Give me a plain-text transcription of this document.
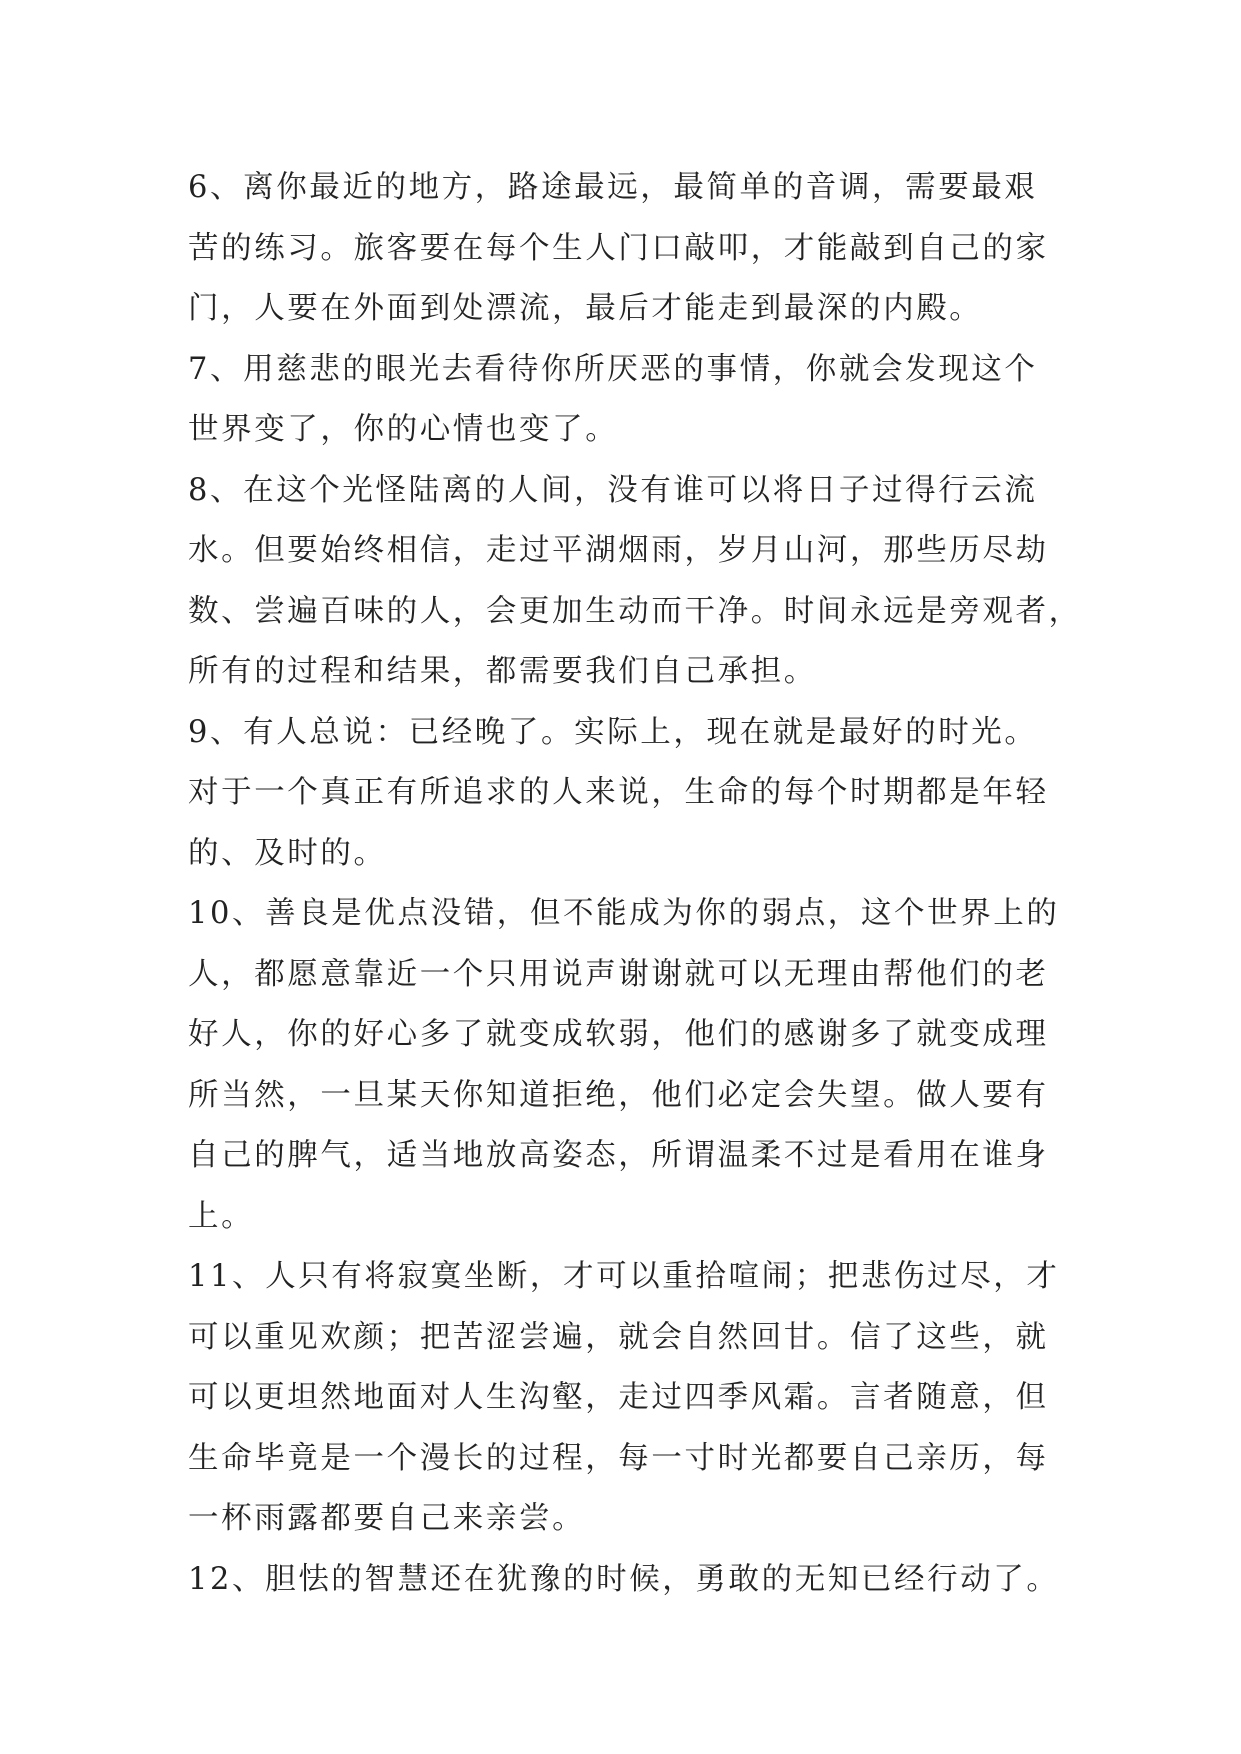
6、离你最近的地方，路途最远，最简单的音调，需要最艰
苦的练习。旅客要在每个生人门口敲叩，才能敲到自己的家
门，人要在外面到处漂流，最后才能走到最深的内殿。

7、用慈悲的眼光去看待你所厌恶的事情，你就会发现这个
世界变了，你的心情也变了。

8、在这个光怪陆离的人间，没有谁可以将日子过得行云流
水。但要始终相信，走过平湖烟雨，岁月山河，那些历尽劫
数、尝遍百味的人，会更加生动而干净。时间永远是旁观者，
所有的过程和结果，都需要我们自己承担。

9、有人总说：已经晚了。实际上，现在就是最好的时光。
对于一个真正有所追求的人来说，生命的每个时期都是年轻
的、及时的。

10、善良是优点没错，但不能成为你的弱点，这个世界上的
人，都愿意靠近一个只用说声谢谢就可以无理由帮他们的老
好人，你的好心多了就变成软弱，他们的感谢多了就变成理
所当然，一旦某天你知道拒绝，他们必定会失望。做人要有
自己的脾气，适当地放高姿态，所谓温柔不过是看用在谁身
上。

11、人只有将寂寞坐断，才可以重拾喧闹；把悲伤过尽，才
可以重见欢颜；把苦涩尝遍，就会自然回甘。信了这些，就
可以更坦然地面对人生沟壑，走过四季风霜。言者随意，但
生命毕竟是一个漫长的过程，每一寸时光都要自己亲历，每
一杯雨露都要自己来亲尝。

12、胆怯的智慧还在犹豫的时候，勇敢的无知已经行动了。
